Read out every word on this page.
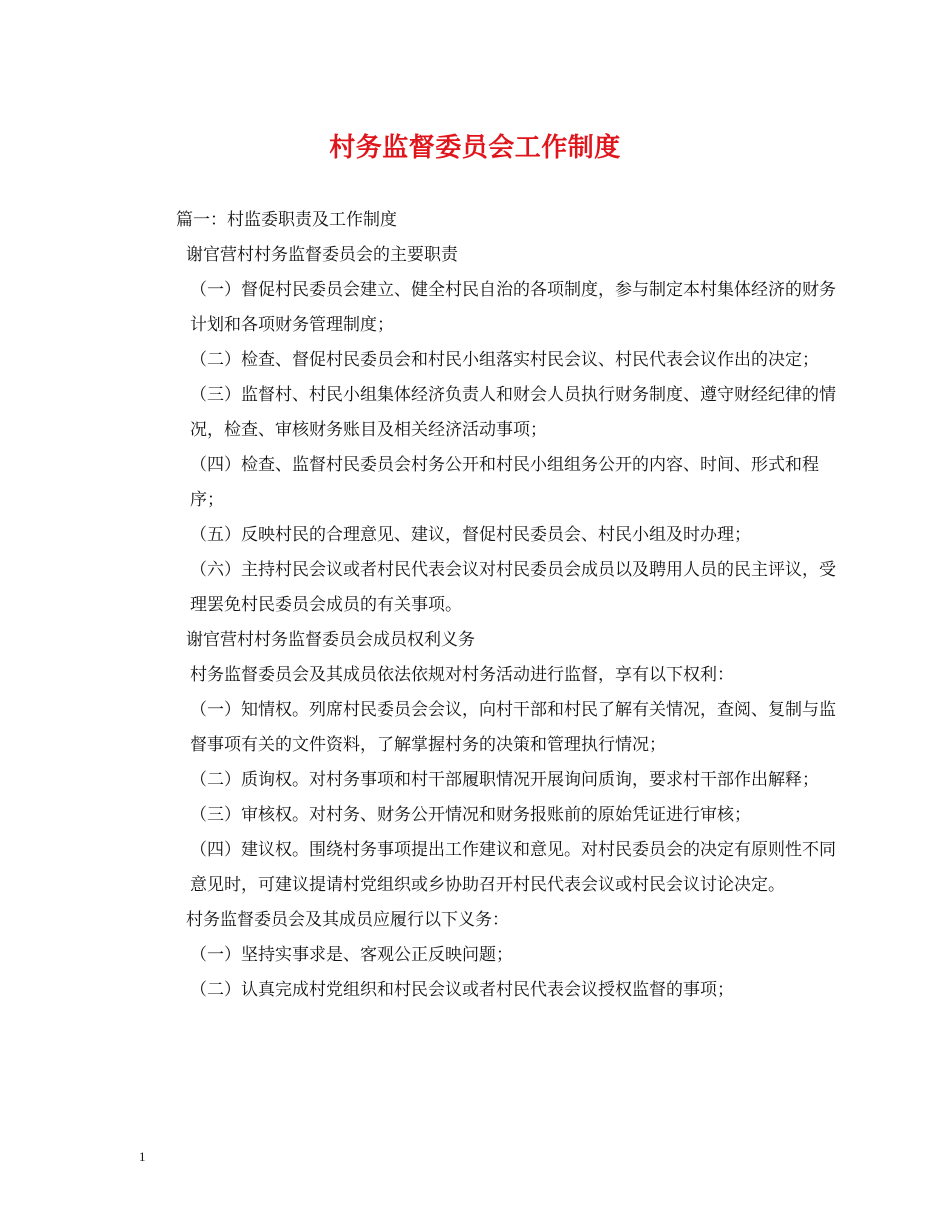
村务监督委员会工作制度

篇一：村监委职责及工作制度

谢官营村村务监督委员会的主要职责

（一）督促村民委员会建立、健全村民自治的各项制度，参与制定本村集体经济的财务计划和各项财务管理制度；

（二）检查、督促村民委员会和村民小组落实村民会议、村民代表会议作出的决定；

（三）监督村、村民小组集体经济负责人和财会人员执行财务制度、遵守财经纪律的情况，检查、审核财务账目及相关经济活动事项；

（四）检查、监督村民委员会村务公开和村民小组组务公开的内容、时间、形式和程序；

（五）反映村民的合理意见、建议，督促村民委员会、村民小组及时办理；

（六）主持村民会议或者村民代表会议对村民委员会成员以及聘用人员的民主评议，受理罢免村民委员会成员的有关事项。

谢官营村村务监督委员会成员权利义务

村务监督委员会及其成员依法依规对村务活动进行监督，享有以下权利：

（一）知情权。列席村民委员会会议，向村干部和村民了解有关情况，查阅、复制与监督事项有关的文件资料，了解掌握村务的决策和管理执行情况；

（二）质询权。对村务事项和村干部履职情况开展询问质询，要求村干部作出解释；

（三）审核权。对村务、财务公开情况和财务报账前的原始凭证进行审核；

（四）建议权。围绕村务事项提出工作建议和意见。对村民委员会的决定有原则性不同意见时，可建议提请村党组织或乡协助召开村民代表会议或村民会议讨论决定。

村务监督委员会及其成员应履行以下义务：

（一）坚持实事求是、客观公正反映问题；

（二）认真完成村党组织和村民会议或者村民代表会议授权监督的事项；

1
